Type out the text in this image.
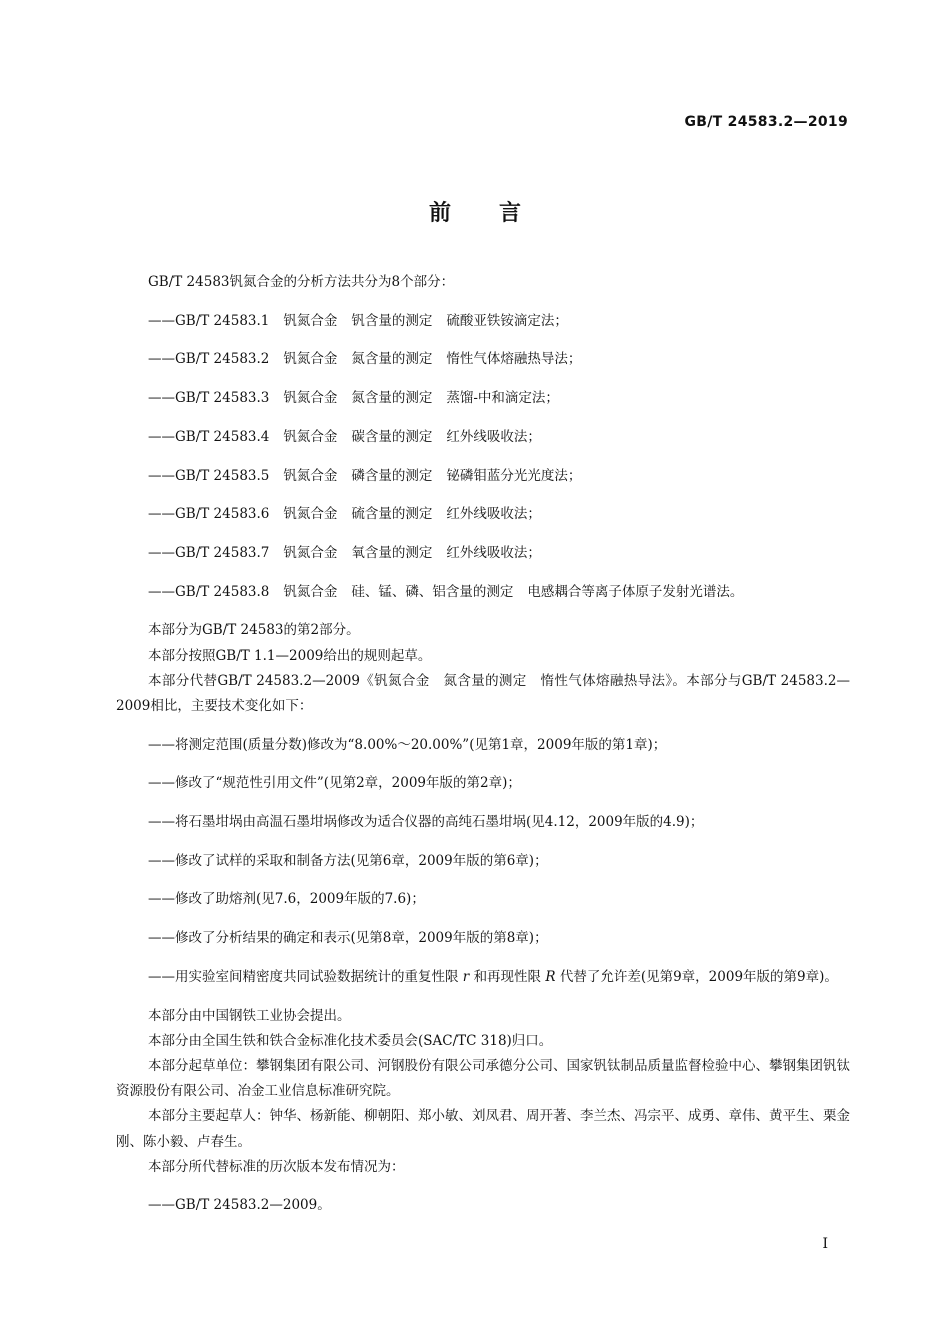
GB/T 24583.2—2019
前言

GB/T 24583钒氮合金的分析方法共分为8个部分：

——GB/T 24583.1 钒氮合金 钒含量的测定 硫酸亚铁铵滴定法；

——GB/T 24583.2 钒氮合金 氮含量的测定 惰性气体熔融热导法；

——GB/T 24583.3 钒氮合金 氮含量的测定 蒸馏-中和滴定法；

——GB/T 24583.4 钒氮合金 碳含量的测定 红外线吸收法；

——GB/T 24583.5 钒氮合金 磷含量的测定 铋磷钼蓝分光光度法；

——GB/T 24583.6 钒氮合金 硫含量的测定 红外线吸收法；

——GB/T 24583.7 钒氮合金 氧含量的测定 红外线吸收法；

——GB/T 24583.8 钒氮合金 硅、锰、磷、铝含量的测定 电感耦合等离子体原子发射光谱法。

本部分为GB/T 24583的第2部分。

本部分按照GB/T 1.1—2009给出的规则起草。

本部分代替GB/T 24583.2—2009《钒氮合金　氮含量的测定　惰性气体熔融热导法》。本部分与GB/T 24583.2—2009相比，主要技术变化如下：

——将测定范围(质量分数)修改为“8.00%～20.00%”(见第1章，2009年版的第1章)；

——修改了“规范性引用文件”(见第2章，2009年版的第2章)；

——将石墨坩埚由高温石墨坩埚修改为适合仪器的高纯石墨坩埚(见4.12，2009年版的4.9)；

——修改了试样的采取和制备方法(见第6章，2009年版的第6章)；

——修改了助熔剂(见7.6，2009年版的7.6)；

——修改了分析结果的确定和表示(见第8章，2009年版的第8章)；

——用实验室间精密度共同试验数据统计的重复性限 r 和再现性限 R 代替了允许差(见第9章，2009年版的第9章)。

本部分由中国钢铁工业协会提出。

本部分由全国生铁和铁合金标准化技术委员会(SAC/TC 318)归口。

本部分起草单位：攀钢集团有限公司、河钢股份有限公司承德分公司、国家钒钛制品质量监督检验中心、攀钢集团钒钛资源股份有限公司、冶金工业信息标准研究院。

本部分主要起草人：钟华、杨新能、柳朝阳、郑小敏、刘凤君、周开著、李兰杰、冯宗平、成勇、章伟、黄平生、栗金刚、陈小毅、卢春生。

本部分所代替标准的历次版本发布情况为：

——GB/T 24583.2—2009。

I
